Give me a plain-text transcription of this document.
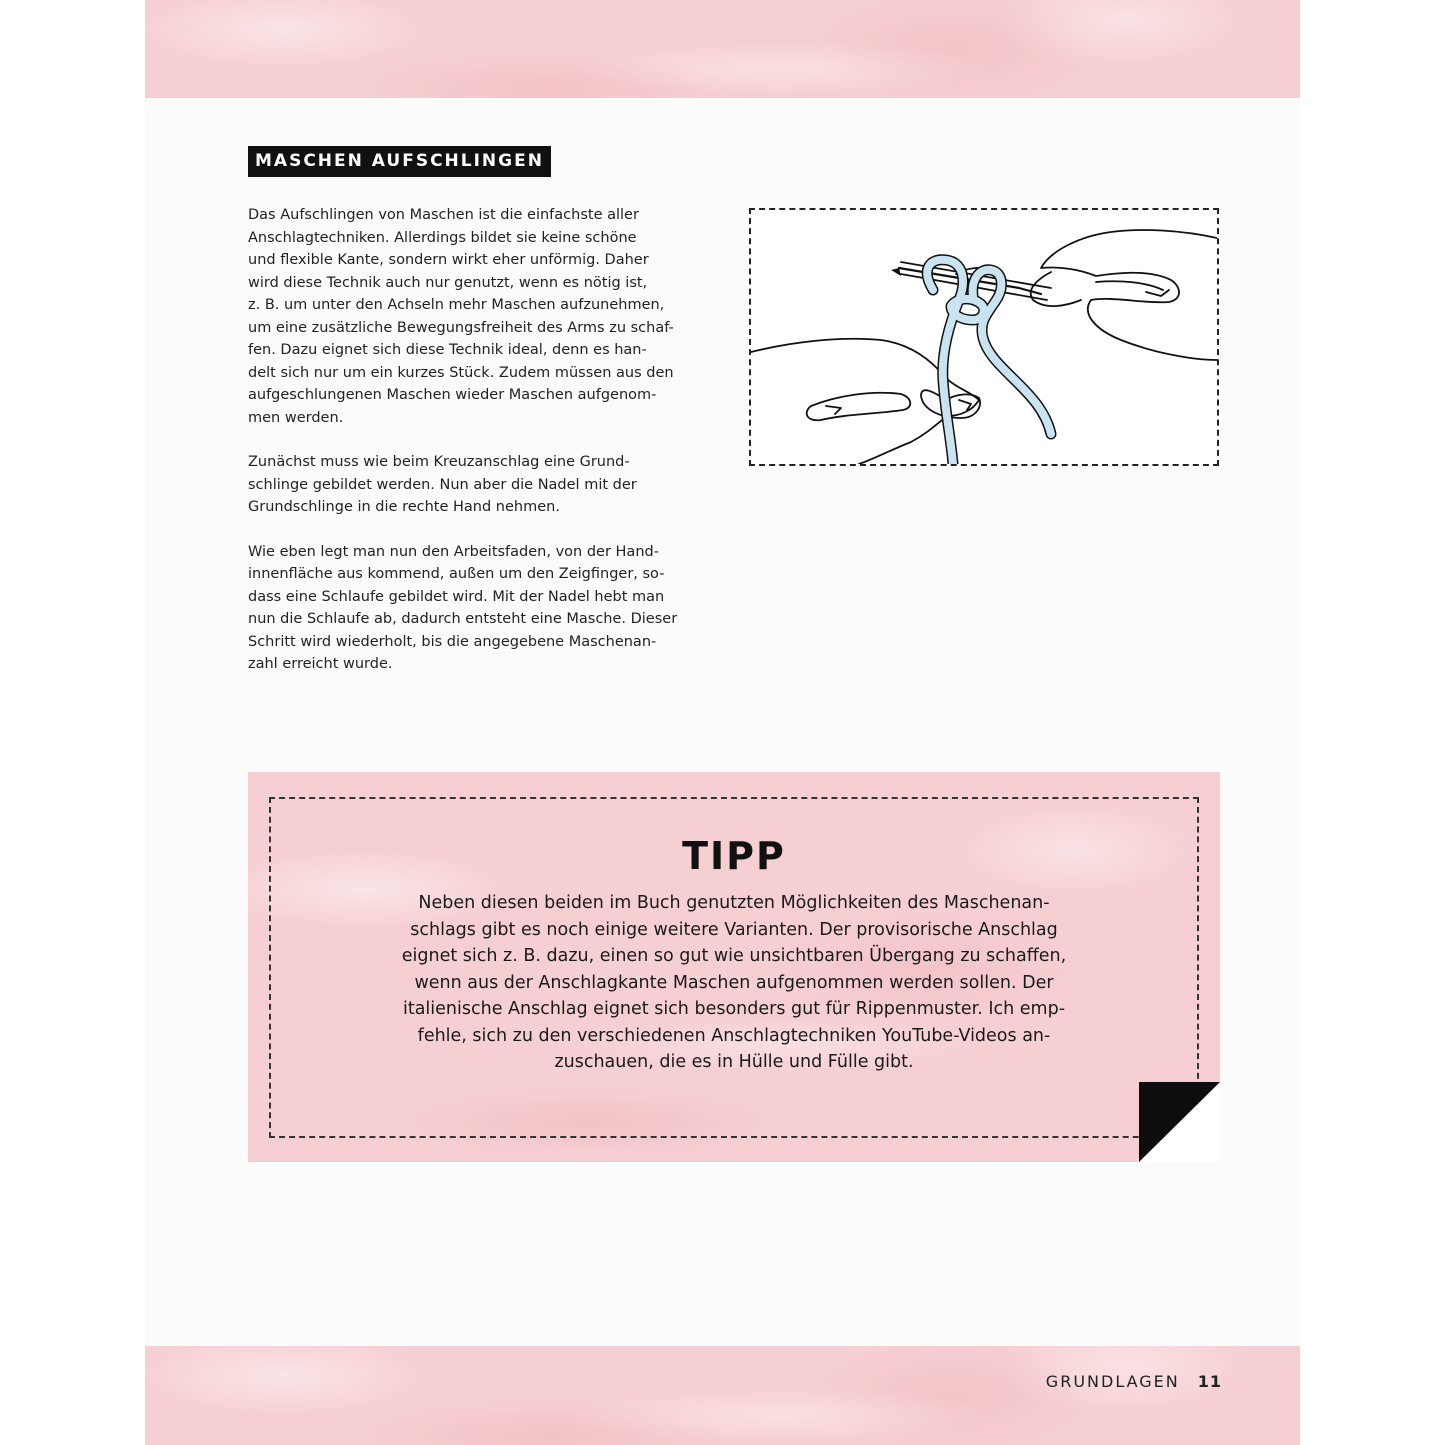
MASCHEN AUFSCHLINGEN

Das Aufschlingen von Maschen ist die einfachste aller
Anschlagtechniken. Allerdings bildet sie keine schöne
und flexible Kante, sondern wirkt eher unförmig. Daher
wird diese Technik auch nur genutzt, wenn es nötig ist,
z. B. um unter den Achseln mehr Maschen aufzunehmen,
um eine zusätzliche Bewegungsfreiheit des Arms zu schaf-
fen. Dazu eignet sich diese Technik ideal, denn es han-
delt sich nur um ein kurzes Stück. Zudem müssen aus den
aufgeschlungenen Maschen wieder Maschen aufgenom-
men werden.

Zunächst muss wie beim Kreuzanschlag eine Grund-
schlinge gebildet werden. Nun aber die Nadel mit der
Grundschlinge in die rechte Hand nehmen.

Wie eben legt man nun den Arbeitsfaden, von der Hand-
innenfläche aus kommend, außen um den Zeigfinger, so-
dass eine Schlaufe gebildet wird. Mit der Nadel hebt man
nun die Schlaufe ab, dadurch entsteht eine Masche. Dieser
Schritt wird wiederholt, bis die angegebene Maschenan-
zahl erreicht wurde.

TIPP
Neben diesen beiden im Buch genutzten Möglichkeiten des Maschenan-
schlags gibt es noch einige weitere Varianten. Der provisorische Anschlag
eignet sich z. B. dazu, einen so gut wie unsichtbaren Übergang zu schaffen,
wenn aus der Anschlagkante Maschen aufgenommen werden sollen. Der
italienische Anschlag eignet sich besonders gut für Rippenmuster. Ich emp-
fehle, sich zu den verschiedenen Anschlagtechniken YouTube-Videos an-
zuschauen, die es in Hülle und Fülle gibt.
GRUNDLAGEN 11
